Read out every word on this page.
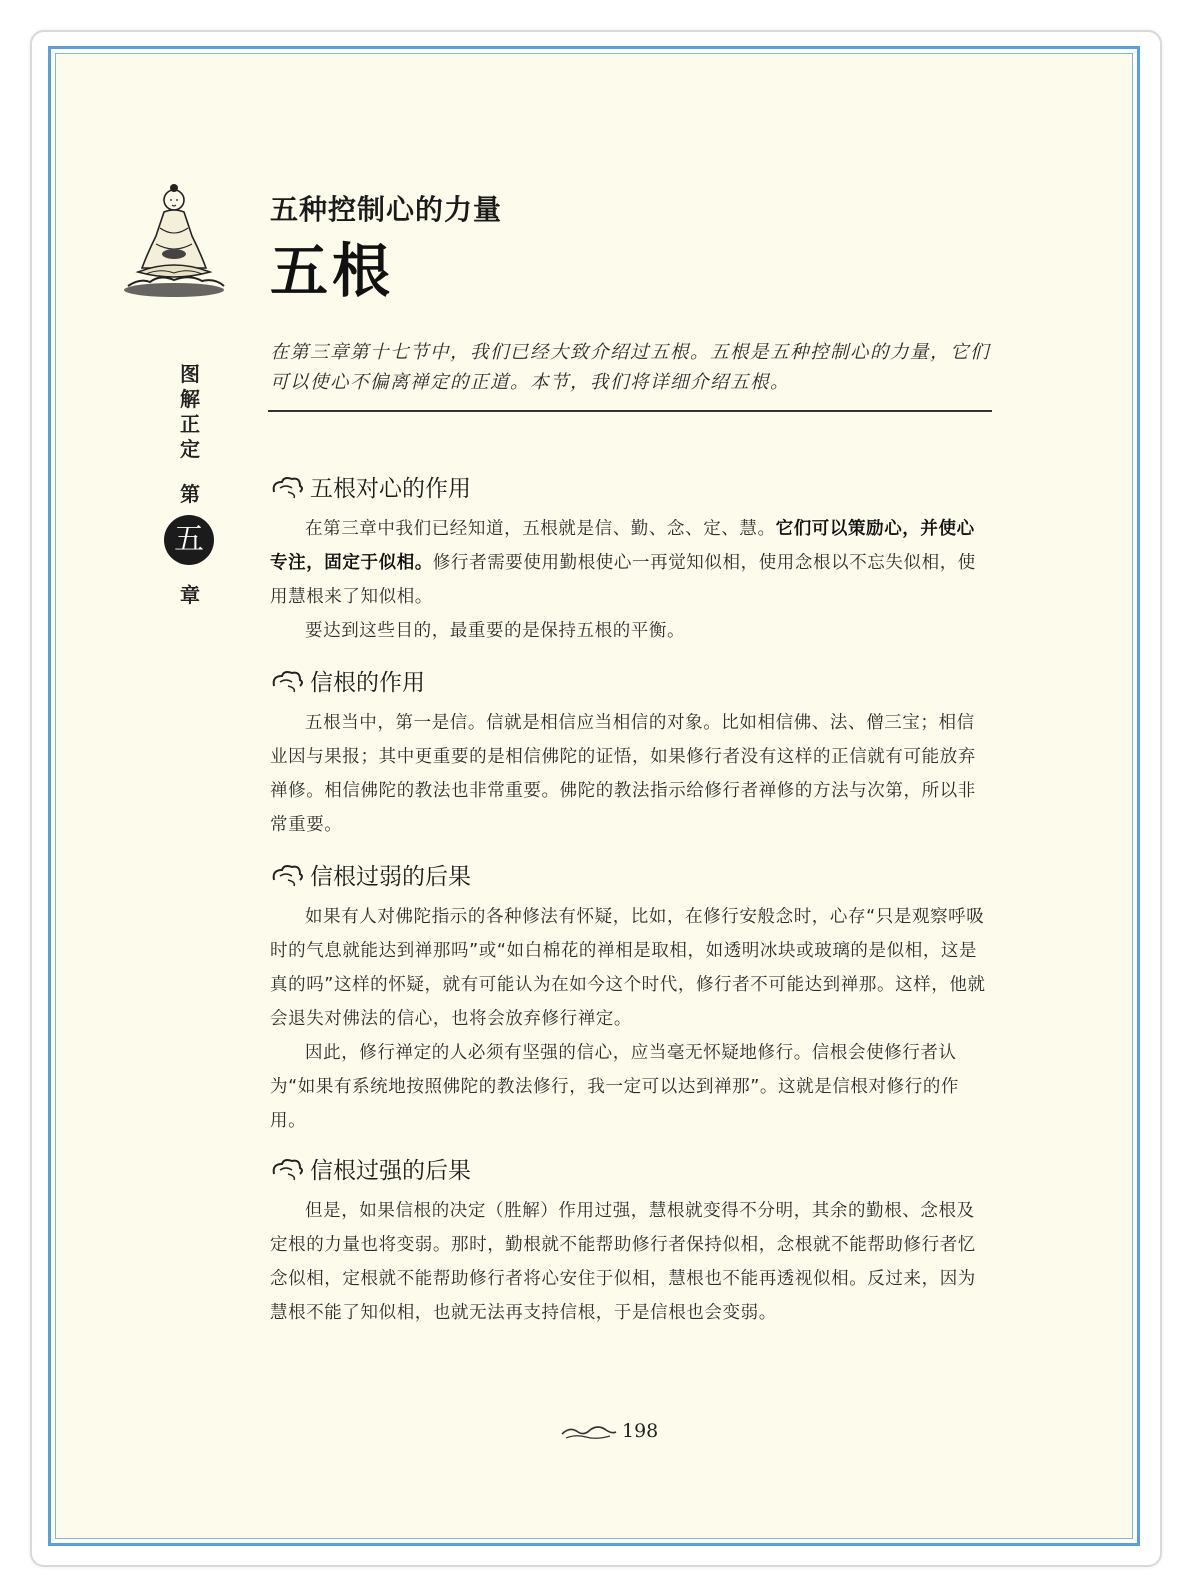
图
解
正
定
第
章
五
五种控制心的力量
五根
在第三章第十七节中，我们已经大致介绍过五根。五根是五种控制心的力量，它们可以使心不偏离禅定的正道。本节，我们将详细介绍五根。
五根对心的作用

在第三章中我们已经知道，五根就是信、勤、念、定、慧。它们可以策励心，并使心专注，固定于似相。修行者需要使用勤根使心一再觉知似相，使用念根以不忘失似相，使用慧根来了知似相。

要达到这些目的，最重要的是保持五根的平衡。

信根的作用

五根当中，第一是信。信就是相信应当相信的对象。比如相信佛、法、僧三宝；相信业因与果报；其中更重要的是相信佛陀的证悟，如果修行者没有这样的正信就有可能放弃禅修。相信佛陀的教法也非常重要。佛陀的教法指示给修行者禅修的方法与次第，所以非常重要。

信根过弱的后果

如果有人对佛陀指示的各种修法有怀疑，比如，在修行安般念时，心存“只是观察呼吸时的气息就能达到禅那吗”或“如白棉花的禅相是取相，如透明冰块或玻璃的是似相，这是真的吗”这样的怀疑，就有可能认为在如今这个时代，修行者不可能达到禅那。这样，他就会退失对佛法的信心，也将会放弃修行禅定。

因此，修行禅定的人必须有坚强的信心，应当毫无怀疑地修行。信根会使修行者认为“如果有系统地按照佛陀的教法修行，我一定可以达到禅那”。这就是信根对修行的作用。

信根过强的后果

但是，如果信根的决定（胜解）作用过强，慧根就变得不分明，其余的勤根、念根及定根的力量也将变弱。那时，勤根就不能帮助修行者保持似相，念根就不能帮助修行者忆念似相，定根就不能帮助修行者将心安住于似相，慧根也不能再透视似相。反过来，因为慧根不能了知似相，也就无法再支持信根，于是信根也会变弱。

198
